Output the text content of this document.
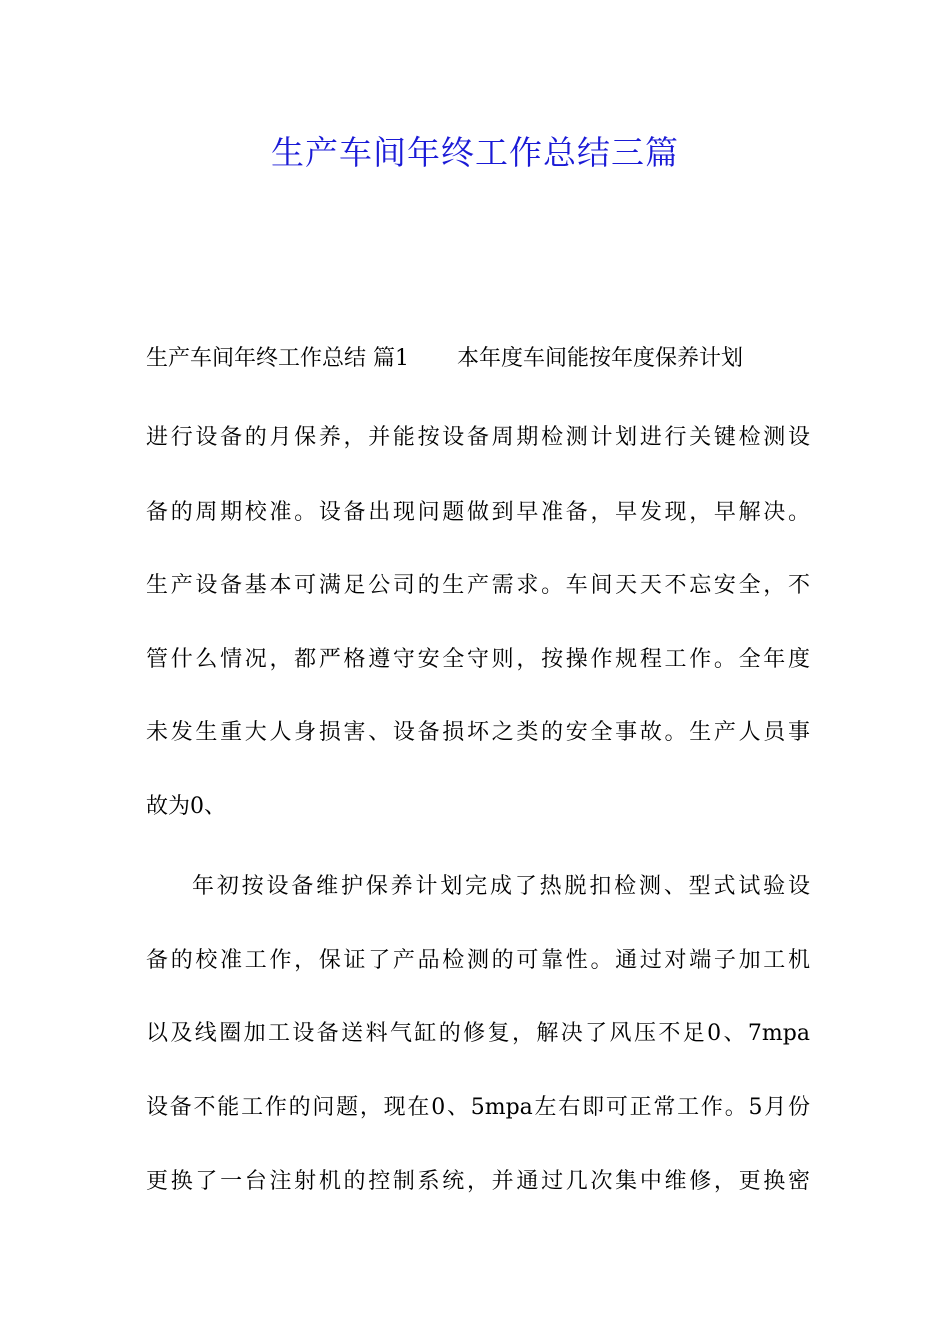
生产车间年终工作总结三篇
生产车间年终工作总结 篇1 本年度车间能按年度保养计划
进行设备的月保养，并能按设备周期检测计划进行关键检测设
备的周期校准。设备出现问题做到早准备，早发现，早解决。
生产设备基本可满足公司的生产需求。车间天天不忘安全，不
管什么情况，都严格遵守安全守则，按操作规程工作。全年度
未发生重大人身损害、设备损坏之类的安全事故。生产人员事
故为0、
年初按设备维护保养计划完成了热脱扣检测、型式试验设
备的校准工作，保证了产品检测的可靠性。通过对端子加工机
以及线圈加工设备送料气缸的修复，解决了风压不足0、7mpa
设备不能工作的问题，现在0、5mpa左右即可正常工作。5月份
更换了一台注射机的控制系统，并通过几次集中维修，更换密
